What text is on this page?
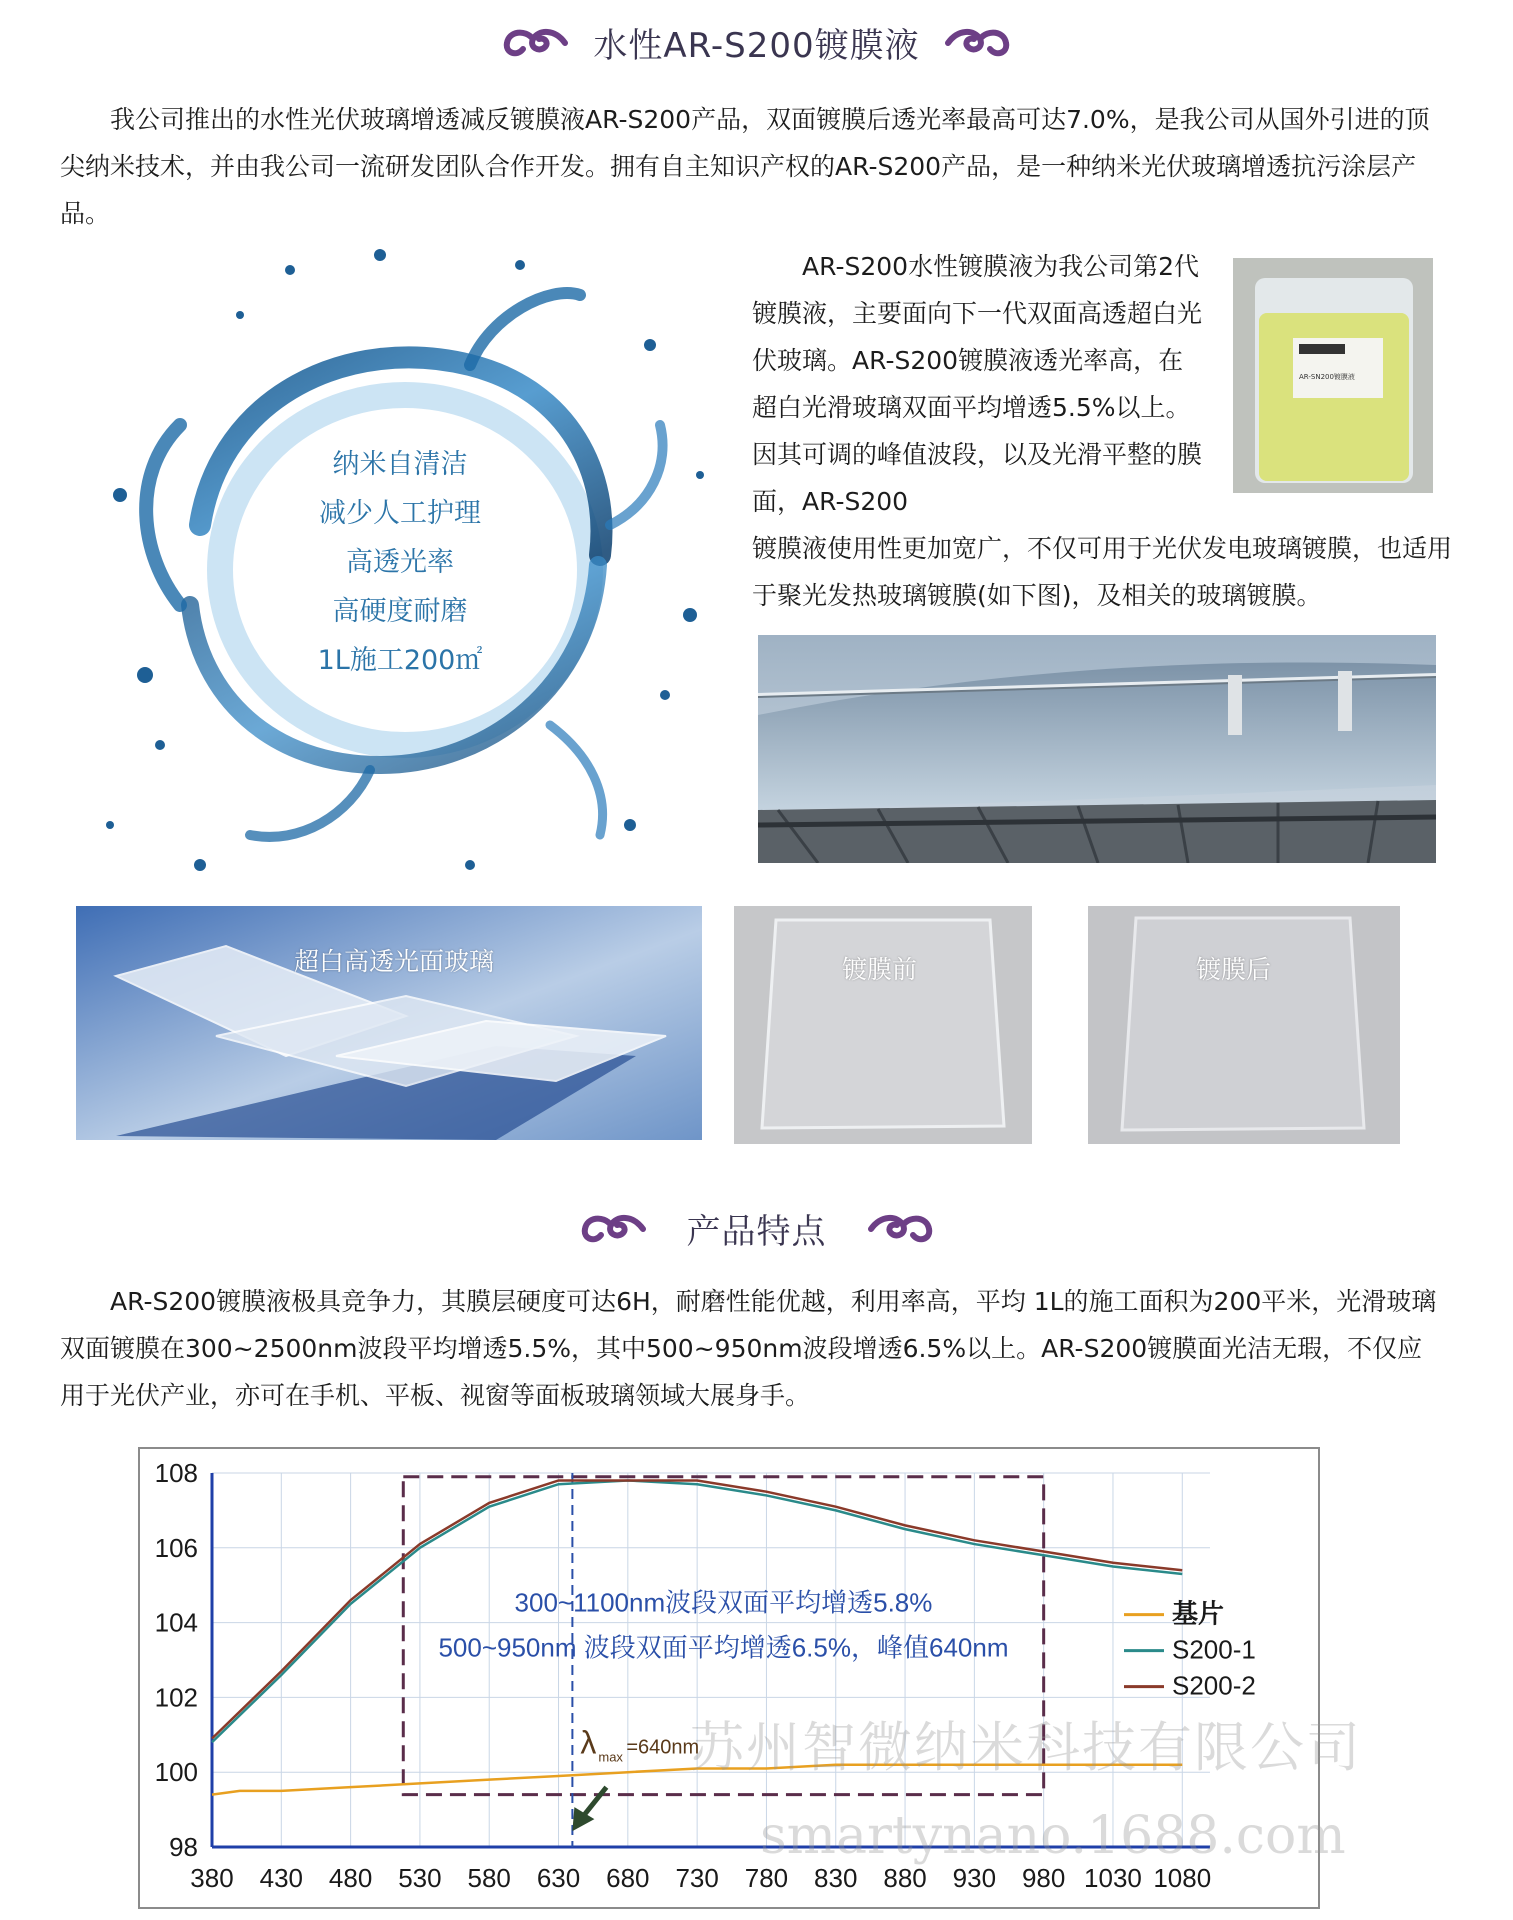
水性AR-S200镀膜液

我公司推出的水性光伏玻璃增透减反镀膜液AR-S200产品，双面镀膜后透光率最高可达7.0%，是我公司从国外引进的顶尖纳米技术，并由我公司一流研发团队合作开发。拥有自主知识产权的AR-S200产品，是一种纳米光伏玻璃增透抗污涂层产品。

纳米自清洁
减少人工护理
高透光率
高硬度耐磨
1L施工200㎡
AR-SN200镀膜液

AR-S200水性镀膜液为我公司第2代镀膜液，主要面向下一代双面高透超白光伏玻璃。AR-S200镀膜液透光率高，在超白光滑玻璃双面平均增透5.5%以上。因其可调的峰值波段，以及光滑平整的膜面，AR-S200

镀膜液使用性更加宽广，不仅可用于光伏发电玻璃镀膜，也适用于聚光发热玻璃镀膜(如下图)，及相关的玻璃镀膜。

超白高透光面玻璃	镀膜前	镀膜后
产品特点

AR-S200镀膜液极具竞争力，其膜层硬度可达6H，耐磨性能优越，利用率高，平均 1L的施工面积为200平米，光滑玻璃双面镀膜在300~2500nm波段平均增透5.5%，其中500~950nm波段增透6.5%以上。AR-S200镀膜面光洁无瑕，不仅应用于光伏产业，亦可在手机、平板、视窗等面板玻璃领域大展身手。

98
100
102
104
106
108
380 430 480 530 580 630 680 730 780 830 880 930 980 1030 1080
300~1100nm波段双面平均增透5.8%
500~950nm 波段双面平均增透6.5%，峰值640nm
λ max =640nm
基片
S200-1
S200-2
苏州智微纳米科技有限公司
smartynano.1688.com
